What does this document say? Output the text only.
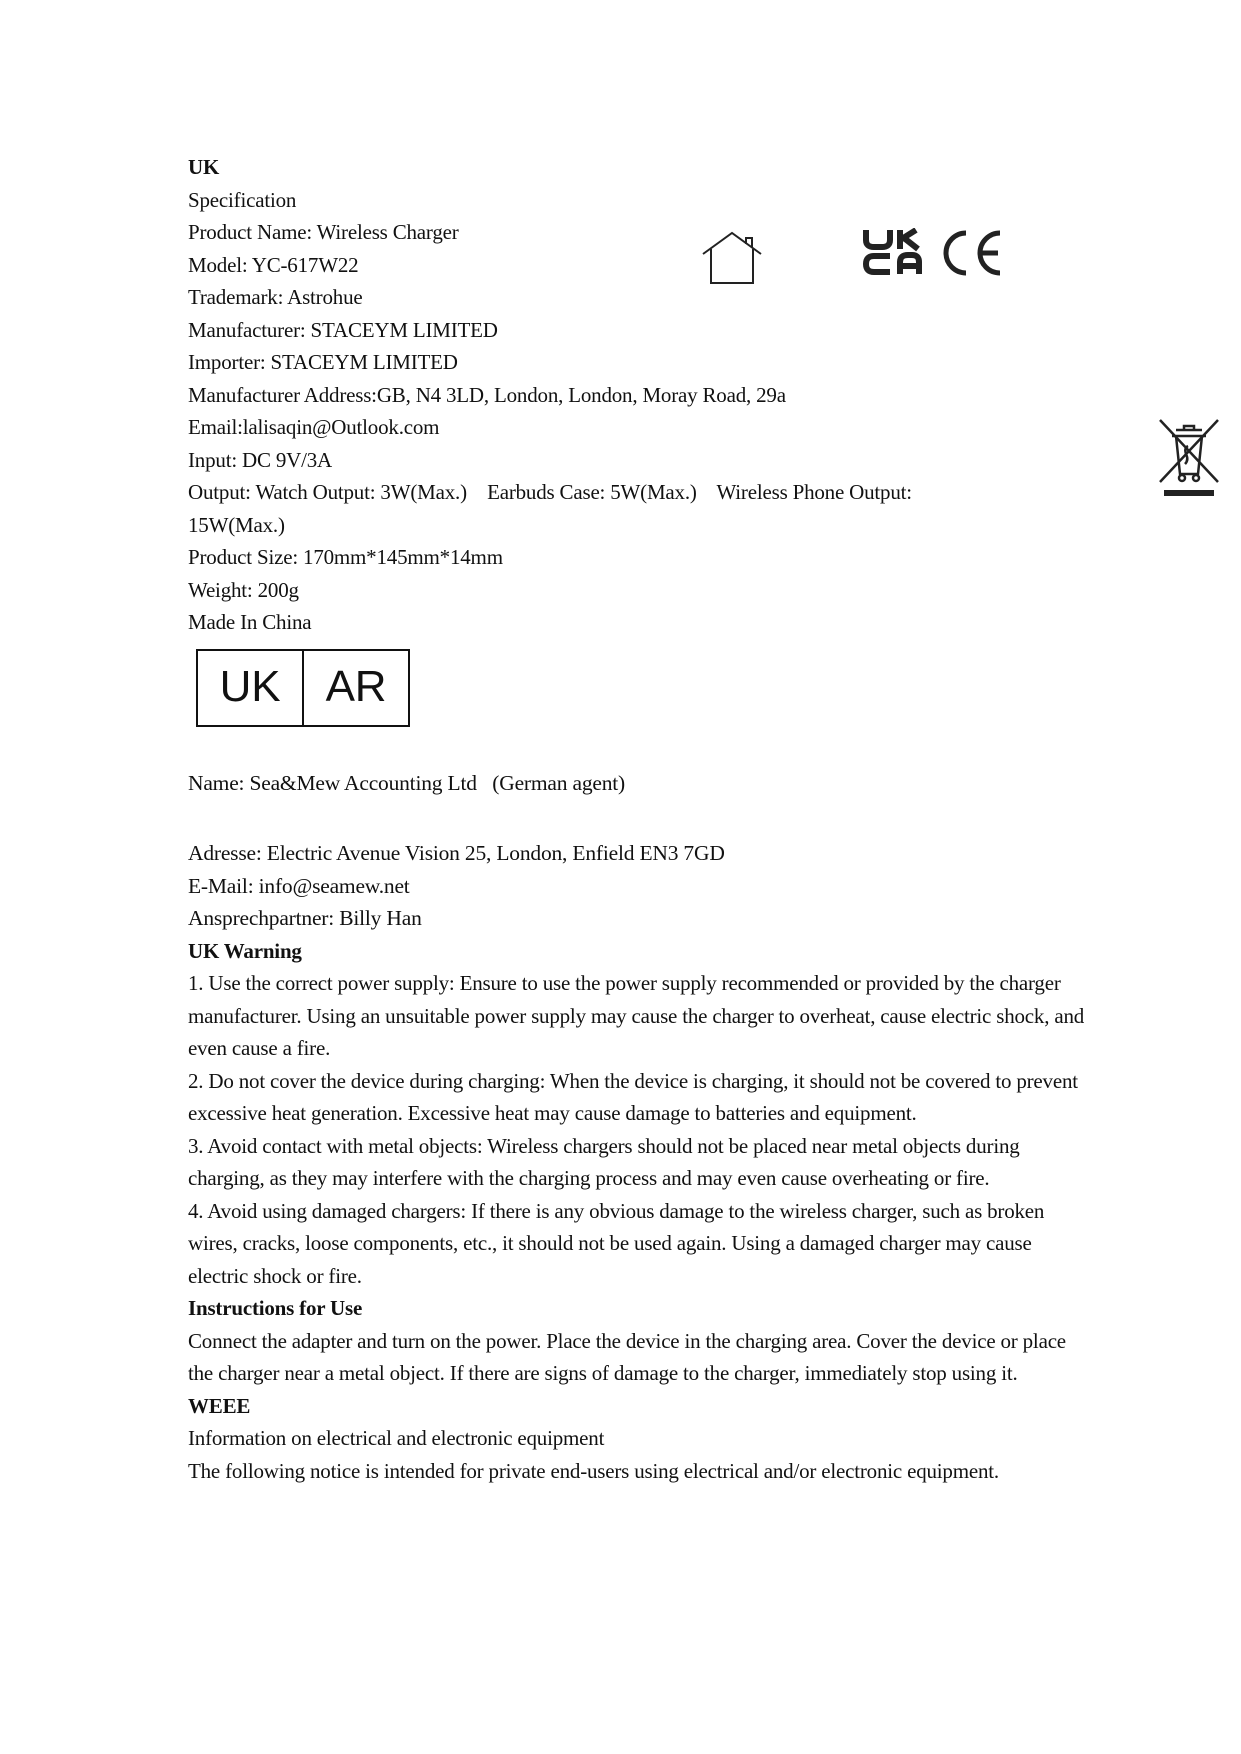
UK
Specification
Product Name: Wireless Charger
Model: YC-617W22
Trademark: Astrohue
Manufacturer: STACEYM LIMITED
Importer: STACEYM LIMITED
Manufacturer Address:GB, N4 3LD, London, London, Moray Road, 29a
Email:lalisaqin@Outlook.com
Input: DC 9V/3A
Output: Watch Output: 3W(Max.)    Earbuds Case: 5W(Max.)    Wireless Phone Output:
15W(Max.)
Product Size: 170mm*145mm*14mm
Weight: 200g
Made In China
UK	AR
Name: Sea&Mew Accounting Ltd   (German agent)
Adresse: Electric Avenue Vision 25, London, Enfield EN3 7GD
E-Mail: info@seamew.net
Ansprechpartner: Billy Han
UK Warning
1. Use the correct power supply: Ensure to use the power supply recommended or provided by the charger manufacturer. Using an unsuitable power supply may cause the charger to overheat, cause electric shock, and even cause a fire.
2. Do not cover the device during charging: When the device is charging, it should not be covered to prevent excessive heat generation. Excessive heat may cause damage to batteries and equipment.
3. Avoid contact with metal objects: Wireless chargers should not be placed near metal objects during charging, as they may interfere with the charging process and may even cause overheating or fire.
4. Avoid using damaged chargers: If there is any obvious damage to the wireless charger, such as broken wires, cracks, loose components, etc., it should not be used again. Using a damaged charger may cause electric shock or fire.
Instructions for Use
Connect the adapter and turn on the power. Place the device in the charging area. Cover the device or place the charger near a metal object. If there are signs of damage to the charger, immediately stop using it.
WEEE
Information on electrical and electronic equipment
The following notice is intended for private end-users using electrical and/or electronic equipment.
